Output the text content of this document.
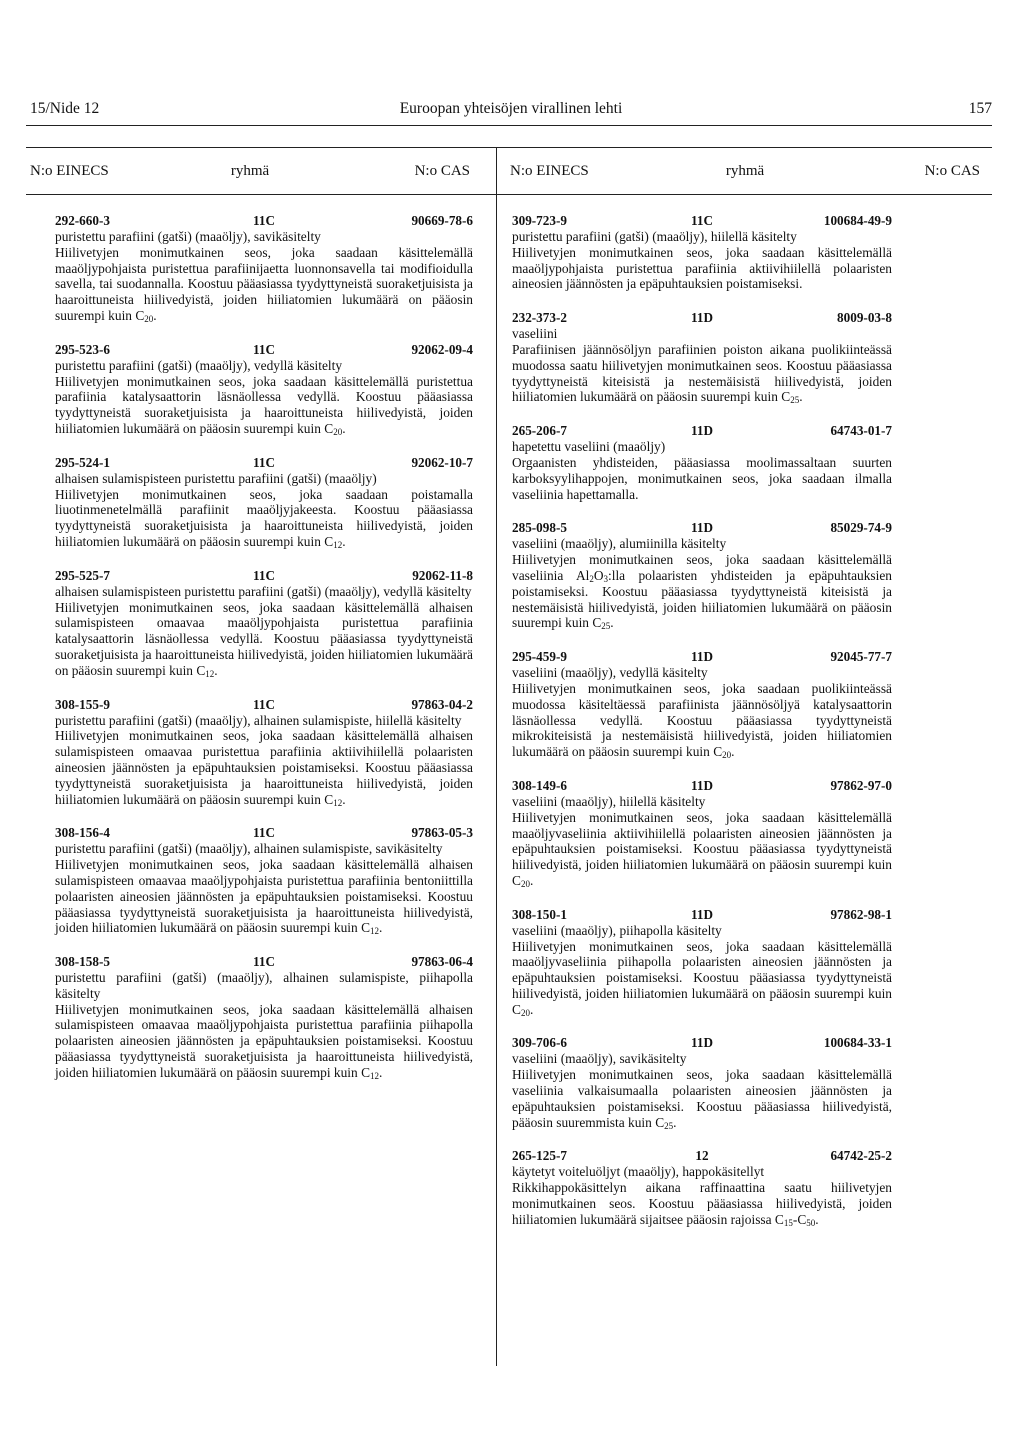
15/Nide 12	Euroopan yhteisöjen virallinen lehti	157
N:o EINECS	ryhmä	N:o CAS	N:o EINECS	ryhmä	N:o CAS
292-660-3	11C	90669-78-6
puristettu parafiini (gatši) (maaöljy), savikäsitelty
Hiilivetyjen monimutkainen seos, joka saadaan käsittelemällä maaöljypohjaista puristettua parafiinijaetta luonnonsavella tai modifioidulla savella, tai suodannalla. Koostuu pääasiassa tyydyttyneistä suoraketjuisista ja haaroittuneista hiilivedyistä, joiden hiiliatomien lukumäärä on pääosin suurempi kuin $C_{20}$.
295-523-6	11C	92062-09-4
puristettu parafiini (gatši) (maaöljy), vedyllä käsitelty
Hiilivetyjen monimutkainen seos, joka saadaan käsittelemällä puristettua parafiinia katalysaattorin läsnäollessa vedyllä. Koostuu pääasiassa tyydyttyneistä suoraketjuisista ja haaroittuneista hiilivedyistä, joiden hiiliatomien lukumäärä on pääosin suurempi kuin $C_{20}$.
295-524-1	11C	92062-10-7
alhaisen sulamispisteen puristettu parafiini (gatši) (maaöljy)
Hiilivetyjen monimutkainen seos, joka saadaan poistamalla liuotinmenetelmällä parafiinit maaöljyjakeesta. Koostuu pääasiassa tyydyttyneistä suoraketjuisista ja haaroittuneista hiilivedyistä, joiden hiiliatomien lukumäärä on pääosin suurempi kuin $C_{12}$.
295-525-7	11C	92062-11-8
alhaisen sulamispisteen puristettu parafiini (gatši) (maaöljy), vedyllä käsitelty
Hiilivetyjen monimutkainen seos, joka saadaan käsittelemällä alhaisen sulamispisteen omaavaa maaöljypohjaista puristettua parafiinia katalysaattorin läsnäollessa vedyllä. Koostuu pääasiassa tyydyttyneistä suoraketjuisista ja haaroittuneista hiilivedyistä, joiden hiiliatomien lukumäärä on pääosin suurempi kuin $C_{12}$.
308-155-9	11C	97863-04-2
puristettu parafiini (gatši) (maaöljy), alhainen sulamispiste, hiilellä käsitelty
Hiilivetyjen monimutkainen seos, joka saadaan käsittelemällä alhaisen sulamispisteen omaavaa puristettua parafiinia aktiivihiilellä polaaristen aineosien jäännösten ja epäpuhtauksien poistamiseksi. Koostuu pääasiassa tyydyttyneistä suoraketjuisista ja haaroittuneista hiilivedyistä, joiden hiiliatomien lukumäärä on pääosin suurempi kuin $C_{12}$.
308-156-4	11C	97863-05-3
puristettu parafiini (gatši) (maaöljy), alhainen sulamispiste, savikäsitelty
Hiilivetyjen monimutkainen seos, joka saadaan käsittelemällä alhaisen sulamispisteen omaavaa maaöljypohjaista puristettua parafiinia bentoniittilla polaaristen aineosien jäännösten ja epäpuhtauksien poistamiseksi. Koostuu pääasiassa tyydyttyneistä suoraketjuisista ja haaroittuneista hiilivedyistä, joiden hiiliatomien lukumäärä on pääosin suurempi kuin $C_{12}$.
308-158-5	11C	97863-06-4
puristettu parafiini (gatši) (maaöljy), alhainen sulamispiste, piihapolla käsitelty
Hiilivetyjen monimutkainen seos, joka saadaan käsittelemällä alhaisen sulamispisteen omaavaa maaöljypohjaista puristettua parafiinia piihapolla polaaristen aineosien jäännösten ja epäpuhtauksien poistamiseksi. Koostuu pääasiassa tyydyttyneistä suoraketjuisista ja haaroittuneista hiilivedyistä, joiden hiiliatomien lukumäärä on pääosin suurempi kuin $C_{12}$.
309-723-9	11C	100684-49-9
puristettu parafiini (gatši) (maaöljy), hiilellä käsitelty
Hiilivetyjen monimutkainen seos, joka saadaan käsittelemällä maaöljypohjaista puristettua parafiinia aktiivihiilellä polaaristen aineosien jäännösten ja epäpuhtauksien poistamiseksi.
232-373-2	11D	8009-03-8
vaseliini
Parafiinisen jäännösöljyn parafiinien poiston aikana puolikiinteässä muodossa saatu hiilivetyjen monimutkainen seos. Koostuu pääasiassa tyydyttyneistä kiteisistä ja nestemäisistä hiilivedyistä, joiden hiiliatomien lukumäärä on pääosin suurempi kuin $C_{25}$.
265-206-7	11D	64743-01-7
hapetettu vaseliini (maaöljy)
Orgaanisten yhdisteiden, pääasiassa moolimassaltaan suurten karboksyylihappojen, monimutkainen seos, joka saadaan ilmalla vaseliinia hapettamalla.
285-098-5	11D	85029-74-9
vaseliini (maaöljy), alumiinilla käsitelty
Hiilivetyjen monimutkainen seos, joka saadaan käsittelemällä vaseliinia $Al_2O_3:lla$ polaaristen yhdisteiden ja epäpuhtauksien poistamiseksi. Koostuu pääasiassa tyydyttyneistä kiteisistä ja nestemäisistä hiilivedyistä, joiden hiiliatomien lukumäärä on pääosin suurempi kuin $C_{25}$.
295-459-9	11D	92045-77-7
vaseliini (maaöljy), vedyllä käsitelty
Hiilivetyjen monimutkainen seos, joka saadaan puolikiinteässä muodossa käsiteltäessä parafiinista jäännösöljyä katalysaattorin läsnäollessa vedyllä. Koostuu pääasiassa tyydyttyneistä mikrokiteisistä ja nestemäisistä hiilivedyistä, joiden hiiliatomien lukumäärä on pääosin suurempi kuin $C_{20}$.
308-149-6	11D	97862-97-0
vaseliini (maaöljy), hiilellä käsitelty
Hiilivetyjen monimutkainen seos, joka saadaan käsittelemällä maaöljyvaseliinia aktiivihiilellä polaaristen aineosien jäännösten ja epäpuhtauksien poistamiseksi. Koostuu pääasiassa tyydyttyneistä hiilivedyistä, joiden hiiliatomien lukumäärä on pääosin suurempi kuin $C_{20}$.
308-150-1	11D	97862-98-1
vaseliini (maaöljy), piihapolla käsitelty
Hiilivetyjen monimutkainen seos, joka saadaan käsittelemällä maaöljyvaseliinia piihapolla polaaristen aineosien jäännösten ja epäpuhtauksien poistamiseksi. Koostuu pääasiassa tyydyttyneistä hiilivedyistä, joiden hiiliatomien lukumäärä on pääosin suurempi kuin $C_{20}$.
309-706-6	11D	100684-33-1
vaseliini (maaöljy), savikäsitelty
Hiilivetyjen monimutkainen seos, joka saadaan käsittelemällä vaseliinia valkaisumaalla polaaristen aineosien jäännösten ja epäpuhtauksien poistamiseksi. Koostuu pääasiassa hiilivedyistä, pääosin suuremmista kuin $C_{25}$.
265-125-7	12	64742-25-2
käytetyt voiteluöljyt (maaöljy), happokäsitellyt
Rikkihappokäsittelyn aikana raffinaattina saatu hiilivetyjen monimutkainen seos. Koostuu pääasiassa hiilivedyistä, joiden hiiliatomien lukumäärä sijaitsee pääosin rajoissa $C_{15}-C_{50}$.
